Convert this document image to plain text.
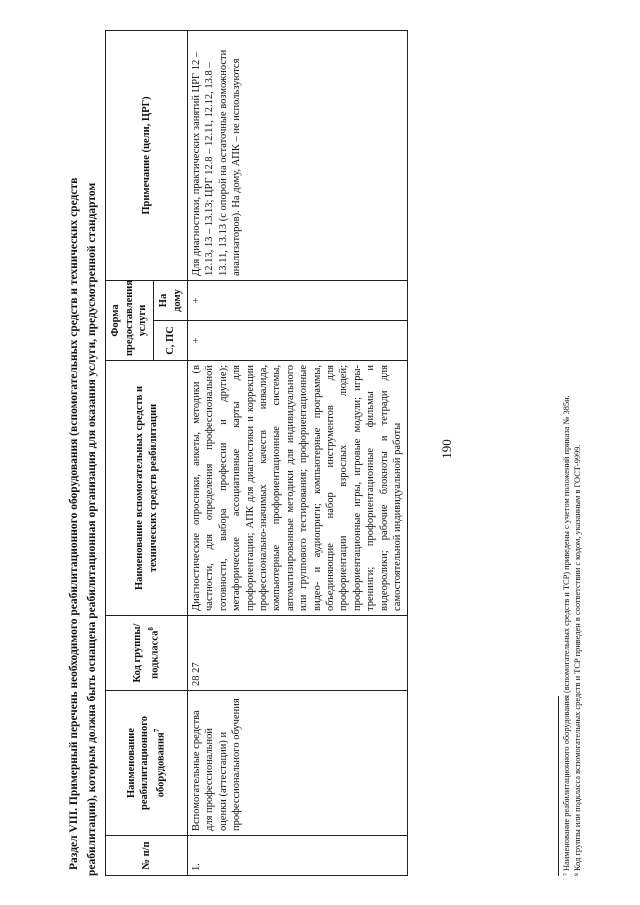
190
Раздел VIII. Примерный перечень необходимого реабилитационного оборудования (вспомогательных средств и технических средств реабилитации), которым должна быть оснащена реабилитационная организация для оказания услуги, предусмотренной стандартом	№ п/п	Наименование реабилитационного оборудования$^7$	Код группы/ подкласса$^8$	Наименование вспомогательных средств и технических средств реабилитации	Форма предоставления услуги		Примечание (цели, ЦРГ)
				С, ПС	На дому	
1.	Вспомогательные средства для профессиональной оценки (аттестации) и профессионального обучения	28 27	Диагностические опросники, анкеты, методики (в частности, для определения профессиональной готовности, выбора профессии и другие); метафорические ассоциативные карты для профориентации; АПК для диагностики и коррекции профессионально-значимых качеств инвалида, компьютерные профориентационные системы, автоматизированные методики для индивидуального или группового тестирования; профориентационные видео- и аудиоприги; компьютерные программы, объединяющие набор инструментов для профориентации взрослых людей; профориентационные игры, игровые модули; игры-тренинги; профориентационные фильмы и видеоролики; рабочие блокноты и тетради для самостоятельной индивидуальной работы	+	+	Для диагностики, практических занятий ЦРГ 12 – 12.13, 13 – 13.13; ЦРГ 12.8 – 12.11, 12.12, 13.8 – 13.11, 13.13 (с опорой на остаточные возможности анализаторов). На дому, АПК – не используются
⁷ Наименование реабилитационного оборудования (вспомогательных средств и ТСР) приведены с учетом положений приказа № 385н. ⁸ Код группы или подкласса вспомогательных средств и ТСР приведен в соответствии с кодом, указанным в ГОСТ-9999.
